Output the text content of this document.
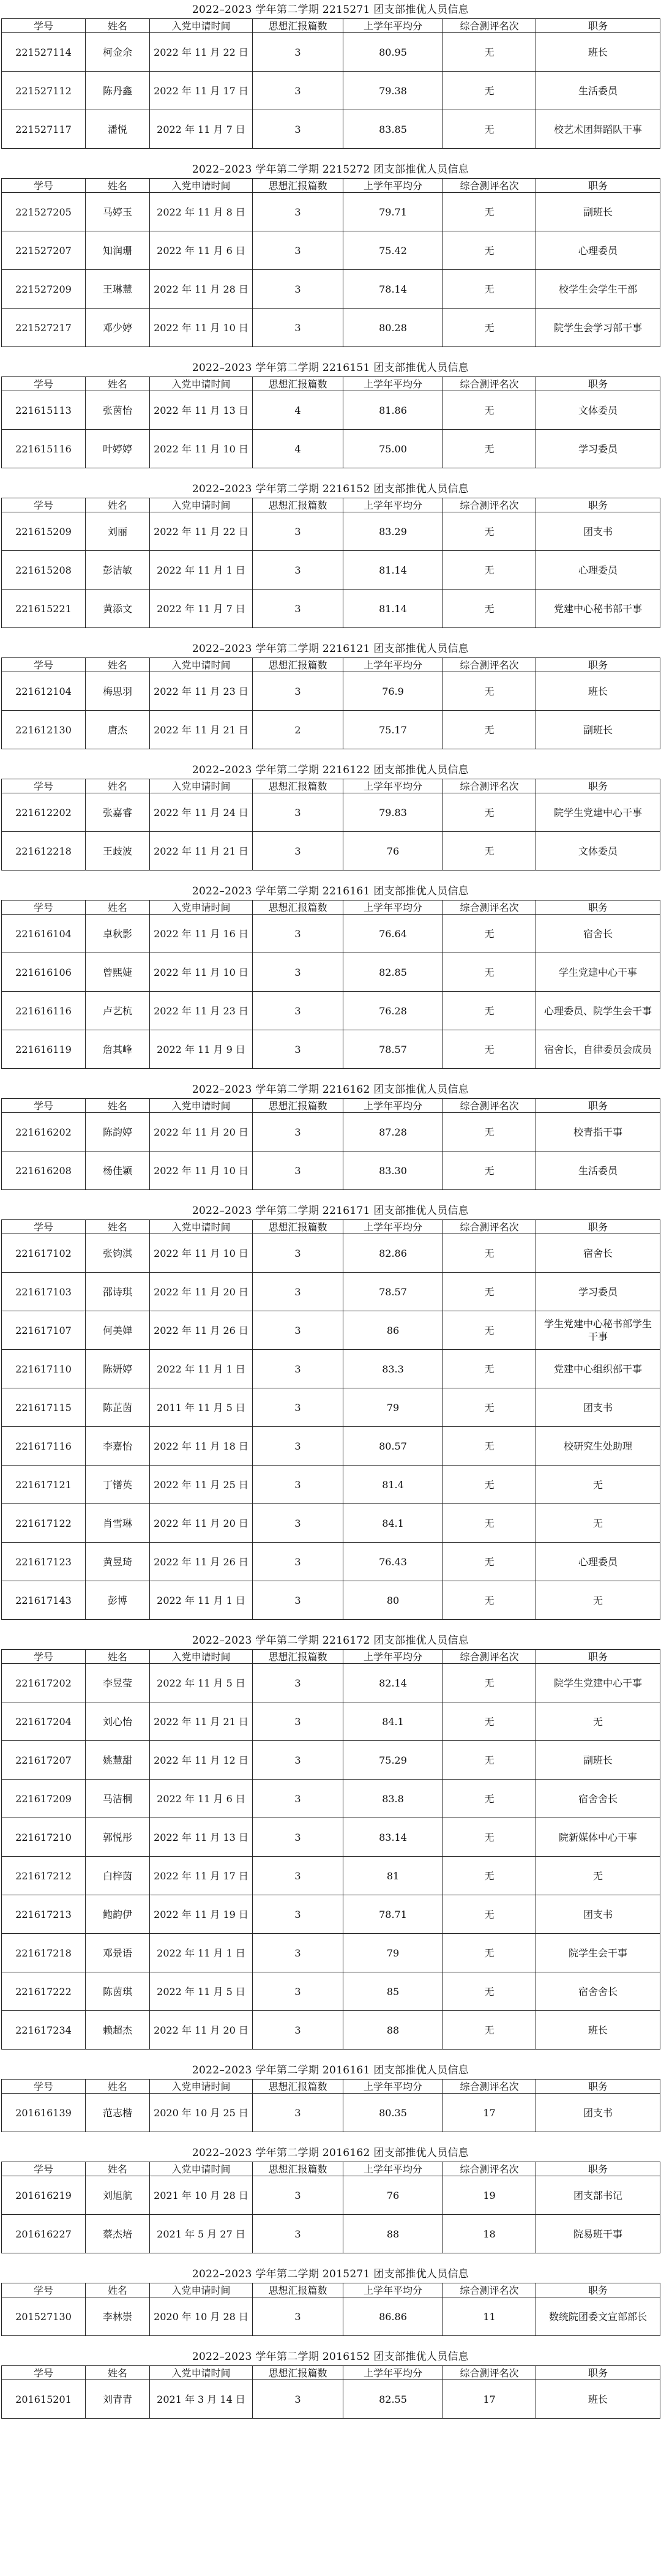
2022–2023 学年第二学期 2215271 团支部推优人员信息
学号	姓名	入党申请时间	思想汇报篇数	上学年平均分	综合测评名次	职务
221527114	柯金余	2022 年 11 月 22 日	3	80.95	无	班长
221527112	陈丹鑫	2022 年 11 月 17 日	3	79.38	无	生活委员
221527117	潘悦	2022 年 11 月 7 日	3	83.85	无	校艺术团舞蹈队干事
2022–2023 学年第二学期 2215272 团支部推优人员信息
学号	姓名	入党申请时间	思想汇报篇数	上学年平均分	综合测评名次	职务
221527205	马婷玉	2022 年 11 月 8 日	3	79.71	无	副班长
221527207	知润珊	2022 年 11 月 6 日	3	75.42	无	心理委员
221527209	王琳慧	2022 年 11 月 28 日	3	78.14	无	校学生会学生干部
221527217	邓少婷	2022 年 11 月 10 日	3	80.28	无	院学生会学习部干事
2022–2023 学年第二学期 2216151 团支部推优人员信息
学号	姓名	入党申请时间	思想汇报篇数	上学年平均分	综合测评名次	职务
221615113	张茵怡	2022 年 11 月 13 日	4	81.86	无	文体委员
221615116	叶婷婷	2022 年 11 月 10 日	4	75.00	无	学习委员
2022–2023 学年第二学期 2216152 团支部推优人员信息
学号	姓名	入党申请时间	思想汇报篇数	上学年平均分	综合测评名次	职务
221615209	刘丽	2022 年 11 月 22 日	3	83.29	无	团支书
221615208	彭洁敏	2022 年 11 月 1 日	3	81.14	无	心理委员
221615221	黄添文	2022 年 11 月 7 日	3	81.14	无	党建中心秘书部干事
2022–2023 学年第二学期 2216121 团支部推优人员信息
学号	姓名	入党申请时间	思想汇报篇数	上学年平均分	综合测评名次	职务
221612104	梅思羽	2022 年 11 月 23 日	3	76.9	无	班长
221612130	唐杰	2022 年 11 月 21 日	2	75.17	无	副班长
2022–2023 学年第二学期 2216122 团支部推优人员信息
学号	姓名	入党申请时间	思想汇报篇数	上学年平均分	综合测评名次	职务
221612202	张嘉睿	2022 年 11 月 24 日	3	79.83	无	院学生党建中心干事
221612218	王歧波	2022 年 11 月 21 日	3	76	无	文体委员
2022–2023 学年第二学期 2216161 团支部推优人员信息
学号	姓名	入党申请时间	思想汇报篇数	上学年平均分	综合测评名次	职务
221616104	卓秋影	2022 年 11 月 16 日	3	76.64	无	宿舍长
221616106	曾熙婕	2022 年 11 月 10 日	3	82.85	无	学生党建中心干事
221616116	卢艺杭	2022 年 11 月 23 日	3	76.28	无	心理委员、院学生会干事
221616119	詹其峰	2022 年 11 月 9 日	3	78.57	无	宿舍长，自律委员会成员
2022–2023 学年第二学期 2216162 团支部推优人员信息
学号	姓名	入党申请时间	思想汇报篇数	上学年平均分	综合测评名次	职务
221616202	陈韵婷	2022 年 11 月 20 日	3	87.28	无	校青指干事
221616208	杨佳颖	2022 年 11 月 10 日	3	83.30	无	生活委员
2022–2023 学年第二学期 2216171 团支部推优人员信息
学号	姓名	入党申请时间	思想汇报篇数	上学年平均分	综合测评名次	职务
221617102	张钧淇	2022 年 11 月 10 日	3	82.86	无	宿舍长
221617103	邵诗琪	2022 年 11 月 20 日	3	78.57	无	学习委员
221617107	何美婵	2022 年 11 月 26 日	3	86	无	学生党建中心秘书部学生干事
221617110	陈妍婷	2022 年 11 月 1 日	3	83.3	无	党建中心组织部干事
221617115	陈芷茵	2011 年 11 月 5 日	3	79	无	团支书
221617116	李嘉怡	2022 年 11 月 18 日	3	80.57	无	校研究生处助理
221617121	丁镨英	2022 年 11 月 25 日	3	81.4	无	无
221617122	肖雪琳	2022 年 11 月 20 日	3	84.1	无	无
221617123	黄昱琦	2022 年 11 月 26 日	3	76.43	无	心理委员
221617143	彭博	2022 年 11 月 1 日	3	80	无	无
2022–2023 学年第二学期 2216172 团支部推优人员信息
学号	姓名	入党申请时间	思想汇报篇数	上学年平均分	综合测评名次	职务
221617202	李昱莹	2022 年 11 月 5 日	3	82.14	无	院学生党建中心干事
221617204	刘心怡	2022 年 11 月 21 日	3	84.1	无	无
221617207	姚慧甜	2022 年 11 月 12 日	3	75.29	无	副班长
221617209	马洁桐	2022 年 11 月 6 日	3	83.8	无	宿舍舍长
221617210	郭悦彤	2022 年 11 月 13 日	3	83.14	无	院新媒体中心干事
221617212	白梓茵	2022 年 11 月 17 日	3	81	无	无
221617213	鲍韵伊	2022 年 11 月 19 日	3	78.71	无	团支书
221617218	邓景语	2022 年 11 月 1 日	3	79	无	院学生会干事
221617222	陈茵琪	2022 年 11 月 5 日	3	85	无	宿舍舍长
221617234	赖超杰	2022 年 11 月 20 日	3	88	无	班长
2022–2023 学年第二学期 2016161 团支部推优人员信息
学号	姓名	入党申请时间	思想汇报篇数	上学年平均分	综合测评名次	职务
201616139	范志楷	2020 年 10 月 25 日	3	80.35	17	团支书
2022–2023 学年第二学期 2016162 团支部推优人员信息
学号	姓名	入党申请时间	思想汇报篇数	上学年平均分	综合测评名次	职务
201616219	刘旭航	2021 年 10 月 28 日	3	76	19	团支部书记
201616227	蔡杰培	2021 年 5 月 27 日	3	88	18	院易班干事
2022–2023 学年第二学期 2015271 团支部推优人员信息
学号	姓名	入党申请时间	思想汇报篇数	上学年平均分	综合测评名次	职务
201527130	李林崇	2020 年 10 月 28 日	3	86.86	11	数统院团委文宣部部长
2022–2023 学年第二学期 2016152 团支部推优人员信息
学号	姓名	入党申请时间	思想汇报篇数	上学年平均分	综合测评名次	职务
201615201	刘青青	2021 年 3 月 14 日	3	82.55	17	班长
